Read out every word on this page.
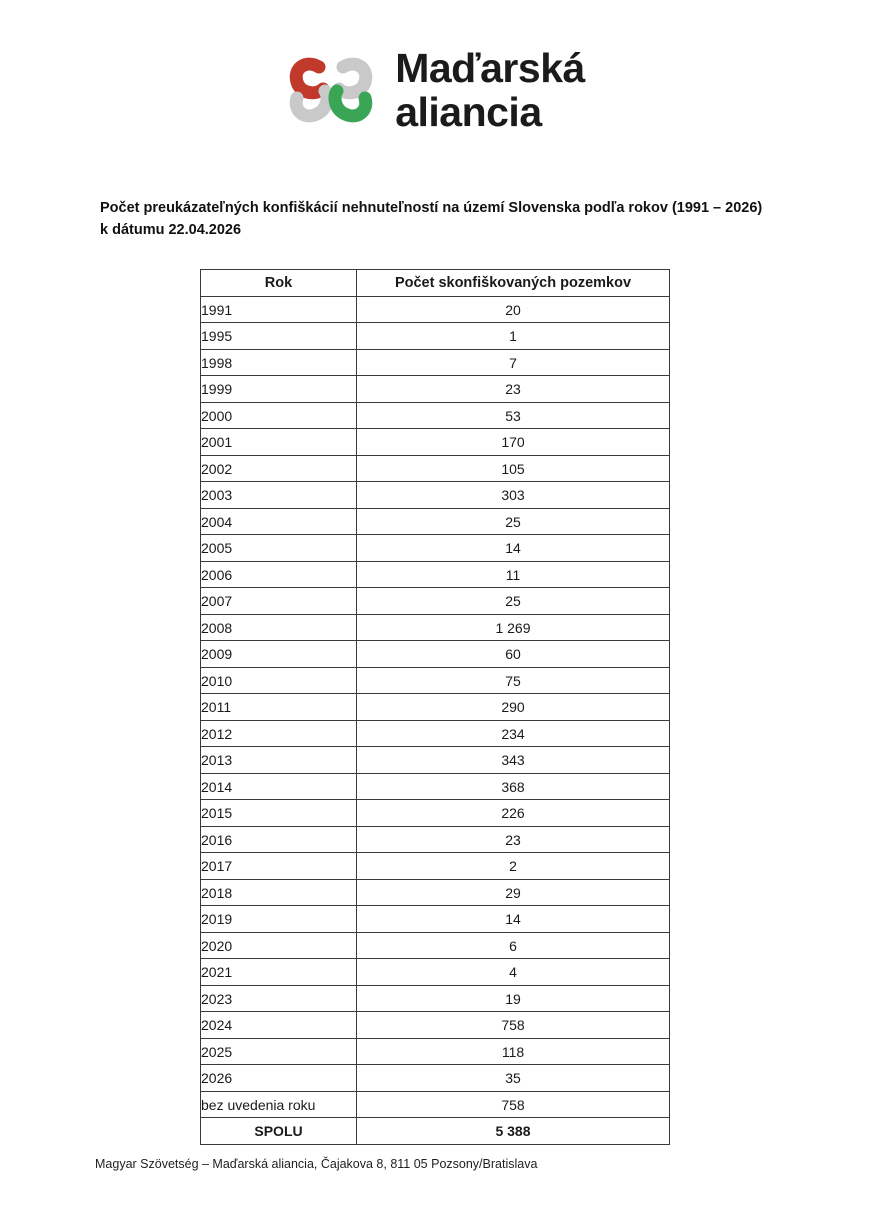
Maďarská
aliancia
Počet preukázateľných konfiškácií nehnuteľností na území Slovenska podľa rokov (1991 – 2026) k dátumu 22.04.2026
Rok	Počet skonfiškovaných pozemkov
1991	20
1995	1
1998	7
1999	23
2000	53
2001	170
2002	105
2003	303
2004	25
2005	14
2006	11
2007	25
2008	1 269
2009	60
2010	75
2011	290
2012	234
2013	343
2014	368
2015	226
2016	23
2017	2
2018	29
2019	14
2020	6
2021	4
2023	19
2024	758
2025	118
2026	35
bez uvedenia roku	758
SPOLU	5 388
Magyar Szövetség – Maďarská aliancia, Čajakova 8, 811 05 Pozsony/Bratislava
